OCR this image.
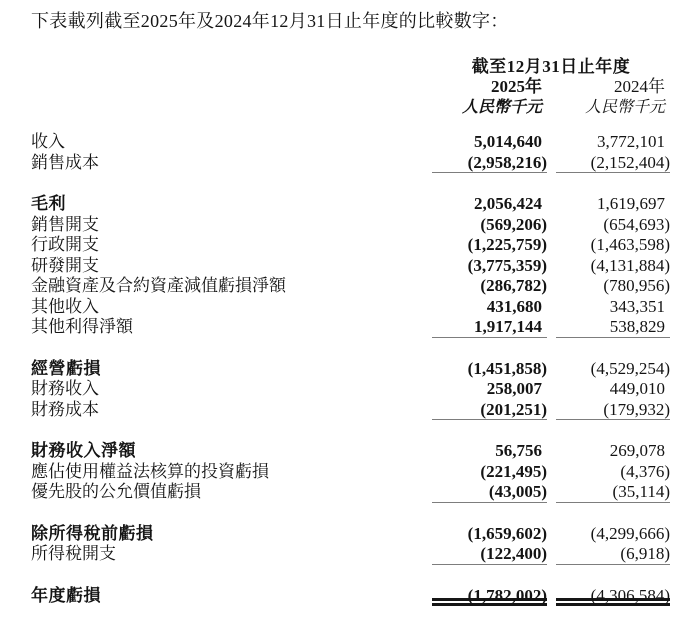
下表載列截至2025年及2024年12月31日止年度的比較數字：

截至12月31日止年度
2025年	2024年
人民幣千元	人民幣千元
收入	5,014,640	3,772,101
銷售成本	(2,958,216)	(2,152,404)
毛利	2,056,424	1,619,697
銷售開支	(569,206)	(654,693)
行政開支	(1,225,759)	(1,463,598)
研發開支	(3,775,359)	(4,131,884)
金融資產及合約資產減值虧損淨額	(286,782)	(780,956)
其他收入	431,680	343,351
其他利得淨額	1,917,144	538,829
經營虧損	(1,451,858)	(4,529,254)
財務收入	258,007	449,010
財務成本	(201,251)	(179,932)
財務收入淨額	56,756	269,078
應佔使用權益法核算的投資虧損	(221,495)	(4,376)
優先股的公允價值虧損	(43,005)	(35,114)
除所得稅前虧損	(1,659,602)	(4,299,666)
所得稅開支	(122,400)	(6,918)
年度虧損	(1,782,002)	(4,306,584)
